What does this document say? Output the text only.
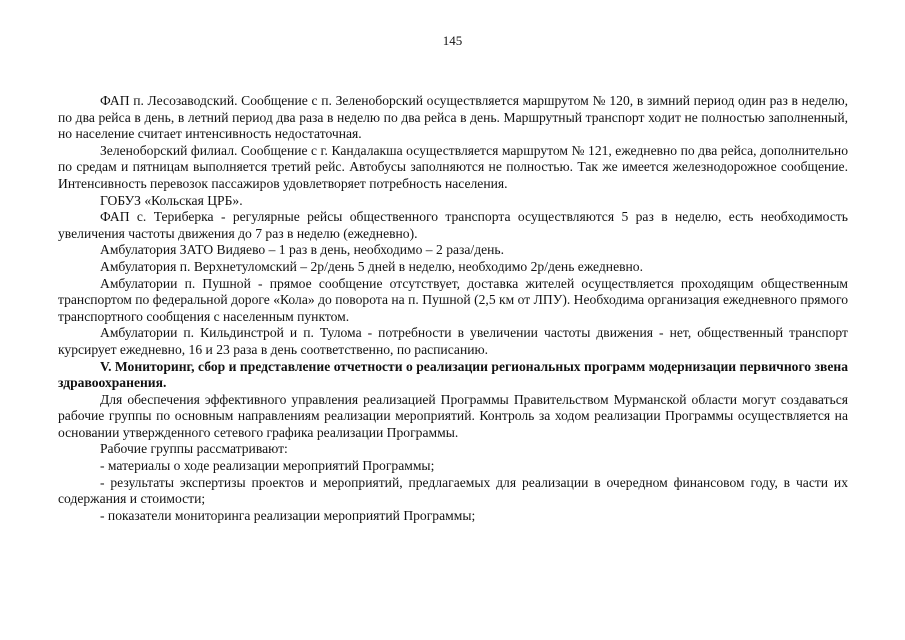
145

ФАП п. Лесозаводский. Сообщение с п. Зеленоборский осуществляется маршрутом № 120, в зимний период один раз в неделю, по два рейса в день, в летний период два раза в неделю по два рейса в день. Маршрутный транспорт ходит не полностью заполненный, но население считает интенсивность недостаточная.

Зеленоборский филиал. Сообщение с г. Кандалакша осуществляется маршрутом № 121, ежедневно по два рейса, дополнительно по средам и пятницам выполняется третий рейс. Автобусы заполняются не полностью. Так же имеется железнодорожное сообщение. Интенсивность перевозок пассажиров удовлетворяет потребность населения.

ГОБУЗ «Кольская ЦРБ».

ФАП с. Териберка - регулярные рейсы общественного транспорта осуществляются 5 раз в неделю, есть необходимость увеличения частоты движения до 7 раз в неделю (ежедневно).

Амбулатория ЗАТО Видяево – 1 раз в день, необходимо – 2 раза/день.

Амбулатория п. Верхнетуломский – 2р/день 5 дней в неделю, необходимо 2р/день ежедневно.

Амбулатории п. Пушной - прямое сообщение отсутствует, доставка жителей осуществляется проходящим общественным транспортом по федеральной дороге «Кола» до поворота на п. Пушной (2,5 км от ЛПУ). Необходима организация ежедневного прямого транспортного сообщения с населенным пунктом.

Амбулатории п. Кильдинстрой и п. Тулома - потребности в увеличении частоты движения - нет, общественный транспорт курсирует ежедневно, 16 и 23 раза в день соответственно, по расписанию.

V. Мониторинг, сбор и представление отчетности о реализации региональных программ модернизации первичного звена здравоохранения.

Для обеспечения эффективного управления реализацией Программы Правительством Мурманской области могут создаваться рабочие группы по основным направлениям реализации мероприятий. Контроль за ходом реализации Программы осуществляется на основании утвержденного сетевого графика реализации Программы.

Рабочие группы рассматривают:

- материалы о ходе реализации мероприятий Программы;

- результаты экспертизы проектов и мероприятий, предлагаемых для реализации в очередном финансовом году, в части их содержания и стоимости;

- показатели мониторинга реализации мероприятий Программы;
